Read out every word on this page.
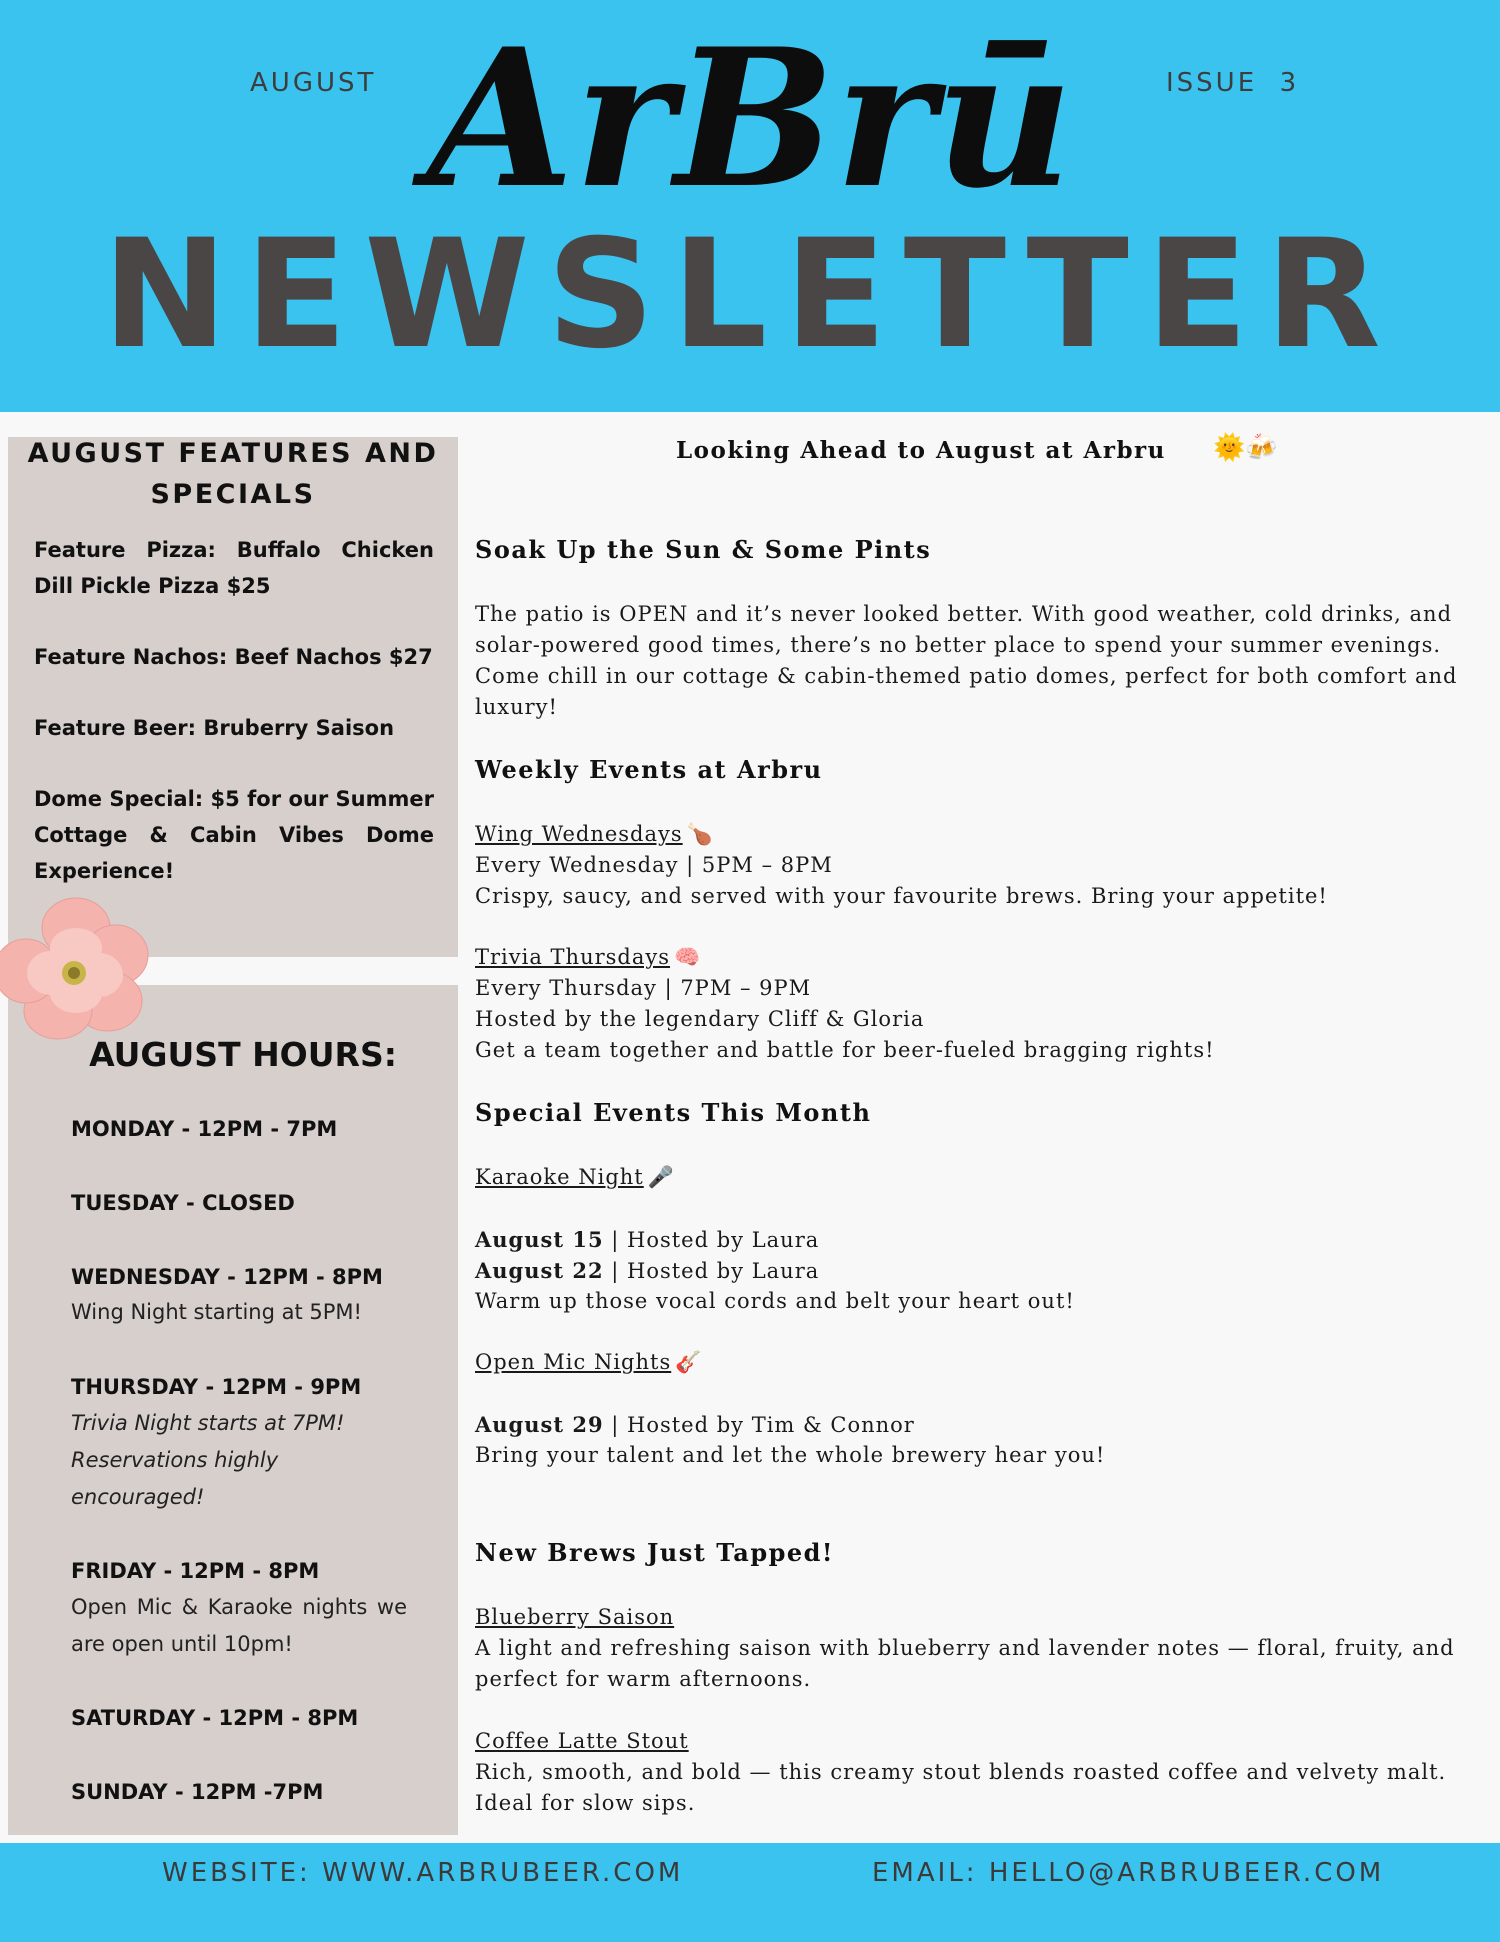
AUGUST	ISSUE  3
ArBrū
NEWSLETTER
AUGUST FEATURES AND SPECIALS
Feature Pizza: Buffalo Chicken Dill Pickle Pizza $25
Feature Nachos: Beef Nachos $27
Feature Beer: Bruberry Saison
Dome Special: $5 for our Summer Cottage & Cabin Vibes Dome Experience!
AUGUST HOURS:
MONDAY - 12PM - 7PM
TUESDAY - CLOSED
WEDNESDAY - 12PM - 8PM
Wing Night starting at 5PM!
THURSDAY - 12PM - 9PM
Trivia Night starts at 7PM! Reservations highly encouraged!
FRIDAY - 12PM - 8PM
Open Mic & Karaoke nights we are open until 10pm!
SATURDAY - 12PM - 8PM
SUNDAY - 12PM -7PM
Looking Ahead to August at Arbru 🌞🍻
Soak Up the Sun & Some Pints
The patio is OPEN and it’s never looked better. With good weather, cold drinks, and solar-powered good times, there’s no better place to spend your summer evenings. Come chill in our cottage & cabin-themed patio domes, perfect for both comfort and luxury!
Weekly Events at Arbru
Wing Wednesdays 🍗
Every Wednesday | 5PM – 8PM
Crispy, saucy, and served with your favourite brews. Bring your appetite!
Trivia Thursdays 🧠
Every Thursday | 7PM – 9PM
Hosted by the legendary Cliff & Gloria
Get a team together and battle for beer-fueled bragging rights!
Special Events This Month
Karaoke Night 🎤
August 15 | Hosted by Laura
August 22 | Hosted by Laura
Warm up those vocal cords and belt your heart out!
Open Mic Nights 🎸
August 29 | Hosted by Tim & Connor
Bring your talent and let the whole brewery hear you!
New Brews Just Tapped!
Blueberry Saison
A light and refreshing saison with blueberry and lavender notes — floral, fruity, and perfect for warm afternoons.
Coffee Latte Stout
Rich, smooth, and bold — this creamy stout blends roasted coffee and velvety malt. Ideal for slow sips.
WEBSITE: WWW.ARBRUBEER.COM	EMAIL: HELLO@ARBRUBEER.COM
